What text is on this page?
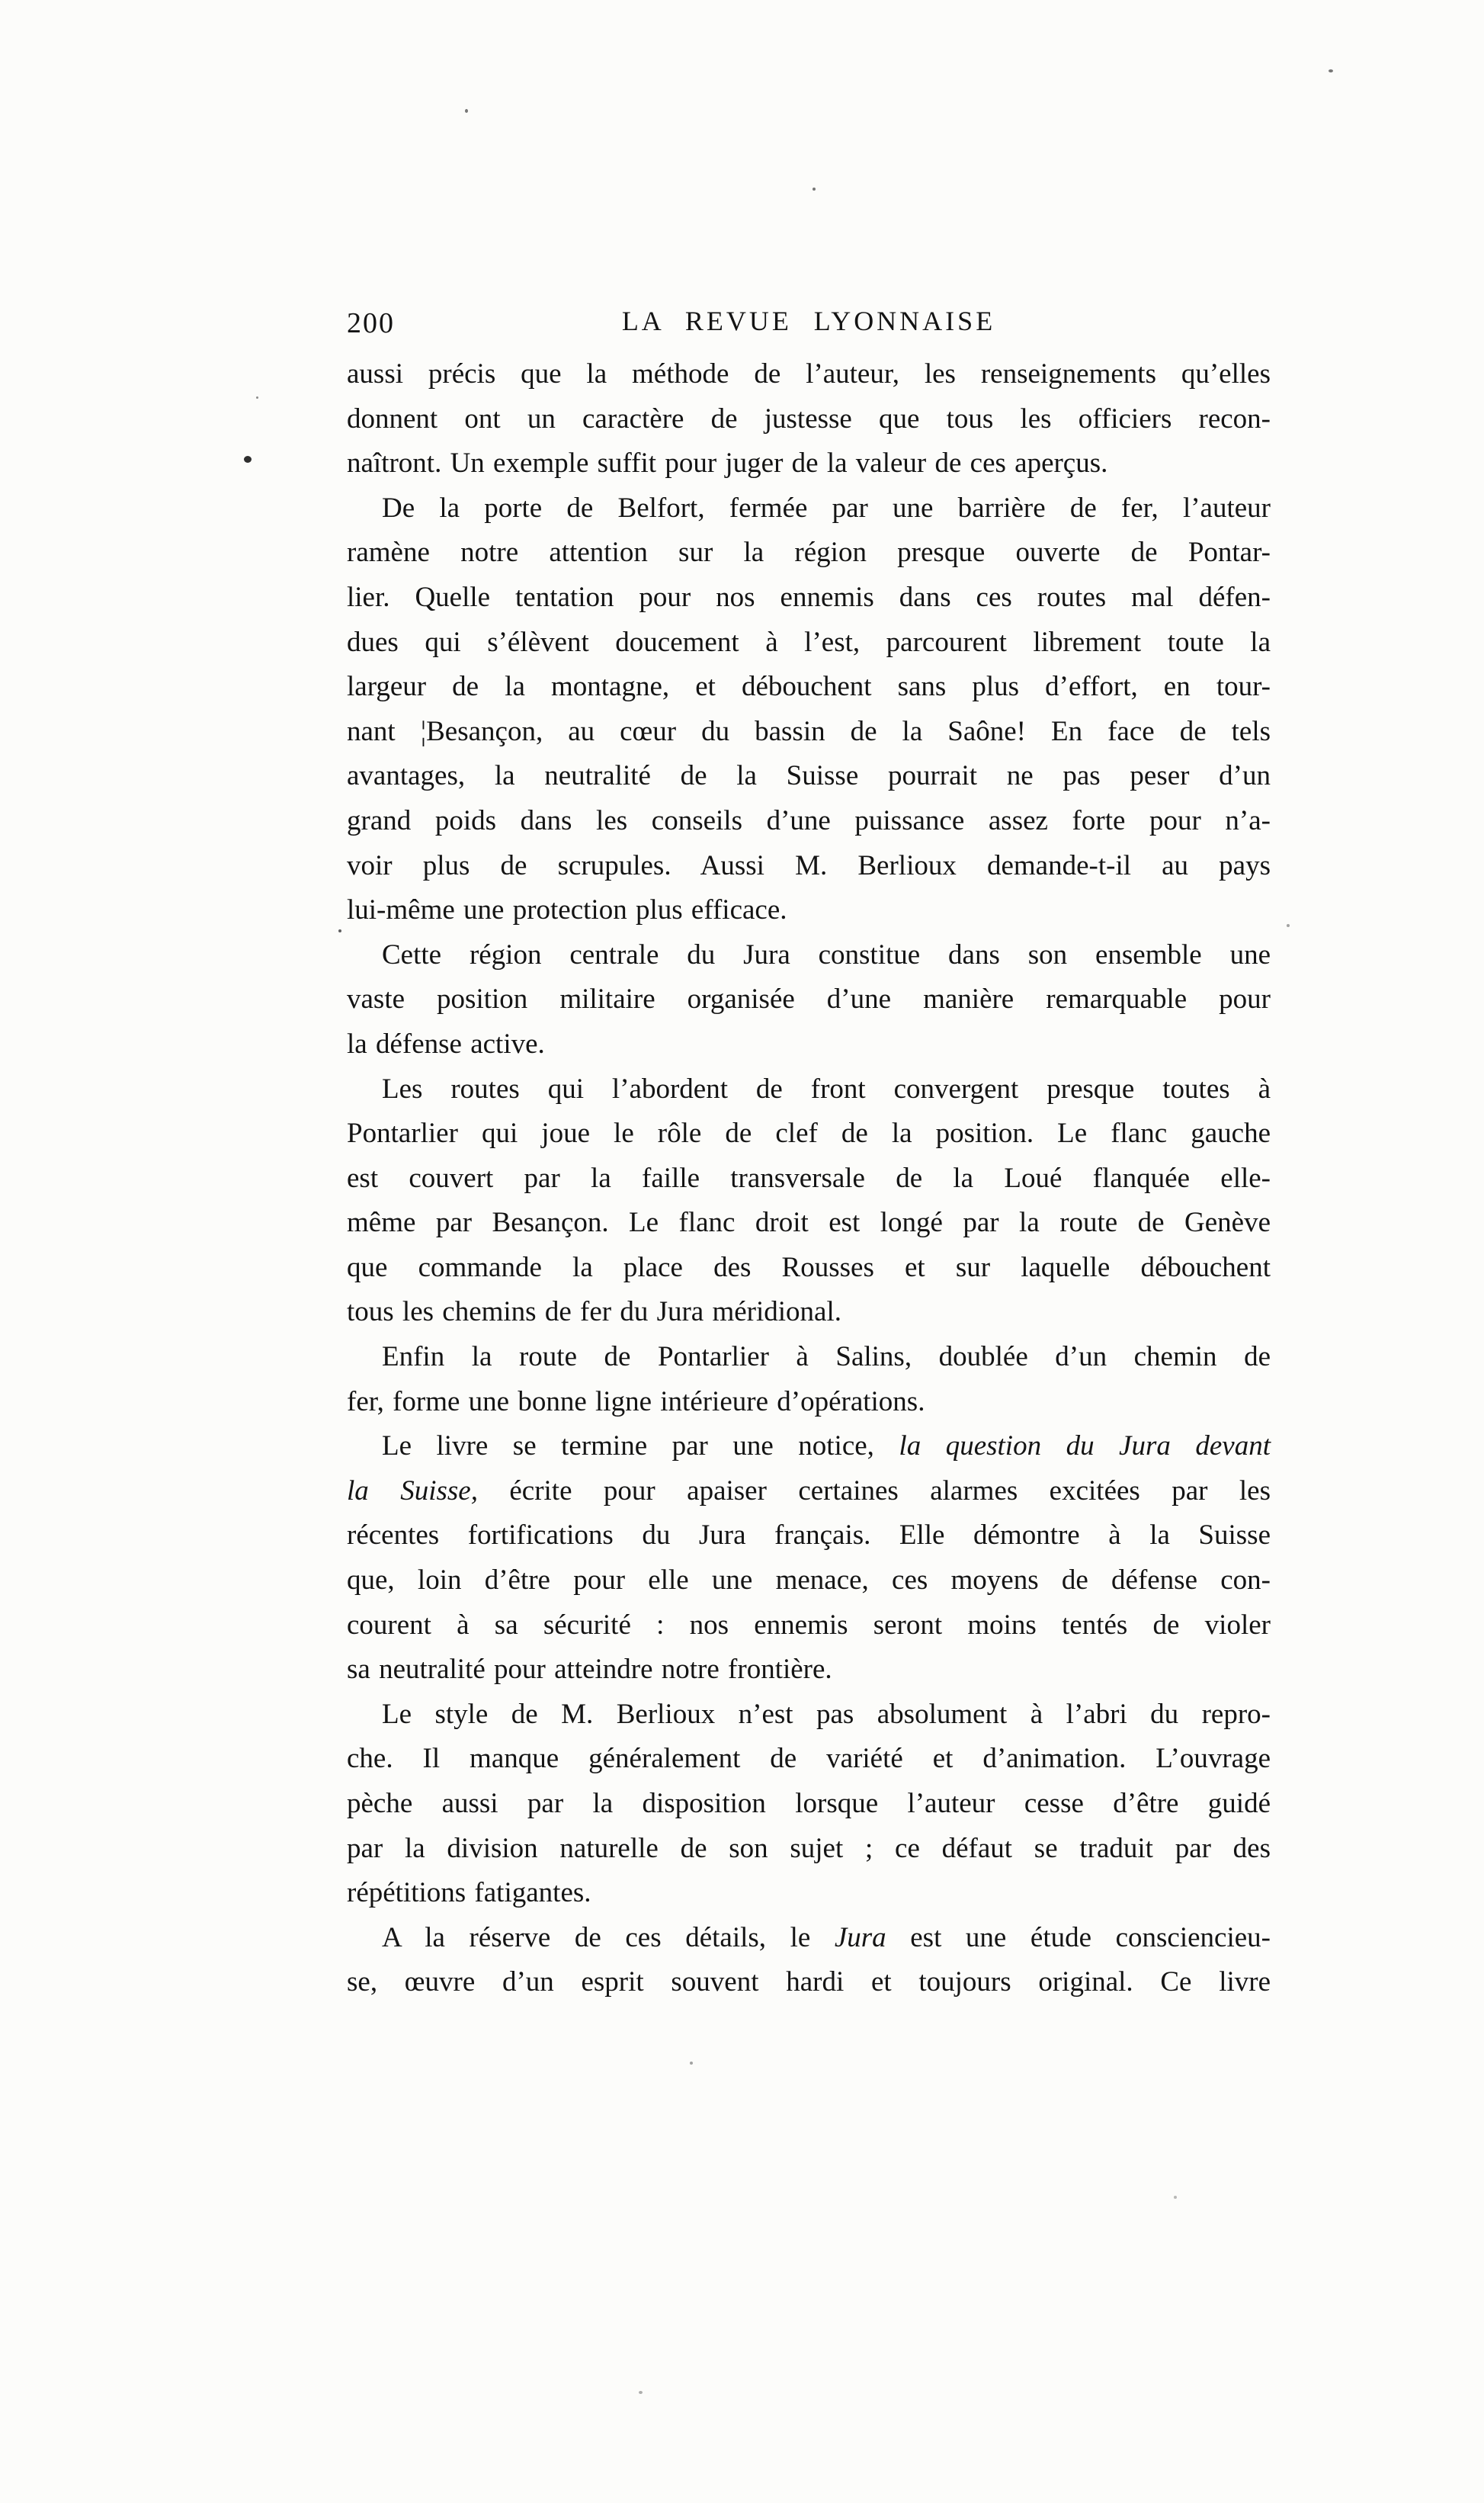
200	LA REVUE LYONNAISE
aussi précis que la méthode de l’auteur, les renseignements qu’elles
donnent ont un caractère de justesse que tous les officiers recon-
naîtront. Un exemple suffit pour juger de la valeur de ces aperçus.
De la porte de Belfort, fermée par une barrière de fer, l’auteur
ramène notre attention sur la région presque ouverte de Pontar-
lier. Quelle tentation pour nos ennemis dans ces routes mal défen-
dues qui s’élèvent doucement à l’est, parcourent librement toute la
largeur de la montagne, et débouchent sans plus d’effort, en tour-
nant ¦Besançon, au cœur du bassin de la Saône! En face de tels
avantages, la neutralité de la Suisse pourrait ne pas peser d’un
grand poids dans les conseils d’une puissance assez forte pour n’a-
voir plus de scrupules. Aussi M. Berlioux demande-t-il au pays
lui-même une protection plus efficace.
Cette région centrale du Jura constitue dans son ensemble une
vaste position militaire organisée d’une manière remarquable pour
la défense active.
Les routes qui l’abordent de front convergent presque toutes à
Pontarlier qui joue le rôle de clef de la position. Le flanc gauche
est couvert par la faille transversale de la Loué flanquée elle-
même par Besançon. Le flanc droit est longé par la route de Genève
que commande la place des Rousses et sur laquelle débouchent
tous les chemins de fer du Jura méridional.
Enfin la route de Pontarlier à Salins, doublée d’un chemin de
fer, forme une bonne ligne intérieure d’opérations.
Le livre se termine par une notice, la question du Jura devant
la Suisse, écrite pour apaiser certaines alarmes excitées par les
récentes fortifications du Jura français. Elle démontre à la Suisse
que, loin d’être pour elle une menace, ces moyens de défense con-
courent à sa sécurité : nos ennemis seront moins tentés de violer
sa neutralité pour atteindre notre frontière.
Le style de M. Berlioux n’est pas absolument à l’abri du repro-
che. Il manque généralement de variété et d’animation. L’ouvrage
pèche aussi par la disposition lorsque l’auteur cesse d’être guidé
par la division naturelle de son sujet ; ce défaut se traduit par des
répétitions fatigantes.
A la réserve de ces détails, le Jura est une étude consciencieu-
se, œuvre d’un esprit souvent hardi et toujours original. Ce livre
